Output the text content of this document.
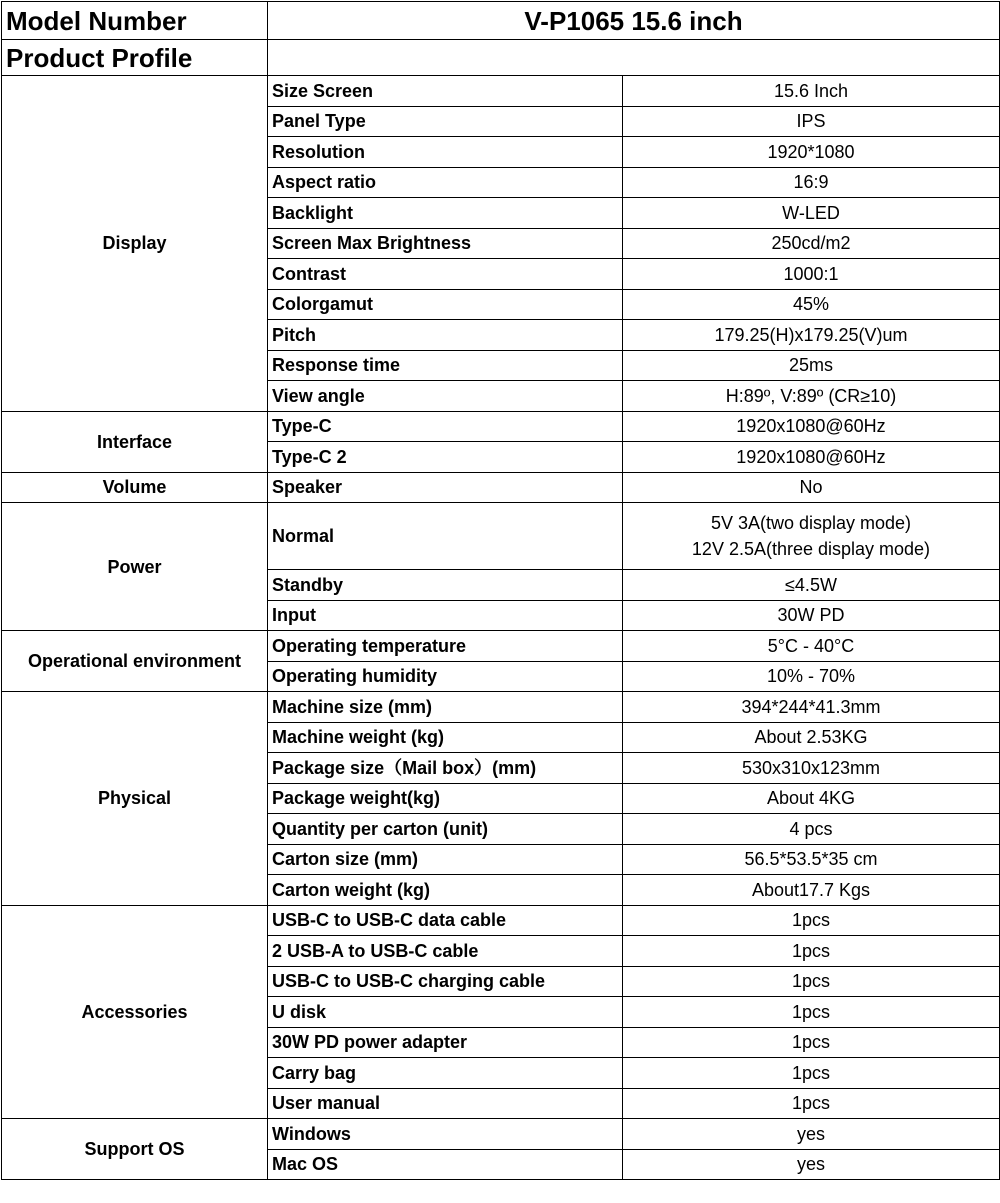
Model Number	V-P1065 15.6 inch	
Product Profile		
Display	Size Screen	15.6 Inch
	Panel Type	IPS
	Resolution	1920*1080
	Aspect ratio	16:9
	Backlight	W-LED
	Screen Max Brightness	250cd/m2
	Contrast	1000:1
	Colorgamut	45%
	Pitch	179.25(H)x179.25(V)um
	Response time	25ms
	View angle	H:89º, V:89º (CR≥10)
Interface	Type-C	1920x1080@60Hz
	Type-C 2	1920x1080@60Hz
Volume	Speaker	No
Power	Normal	5V 3A(two display mode)
12V 2.5A(three display mode)

	Standby	≤4.5W
	Input	30W PD
Operational environment	Operating temperature	5°C - 40°C
	Operating humidity	10% - 70%
Physical	Machine size (mm)	394*244*41.3mm
	Machine weight (kg)	About 2.53KG
	Package size（Mail box）(mm)	530x310x123mm
	Package weight(kg)	About 4KG
	Quantity per carton (unit)	4 pcs
	Carton size (mm)	56.5*53.5*35 cm
	Carton weight (kg)	About17.7 Kgs
Accessories	USB-C to USB-C data cable	1pcs
	2 USB-A to USB-C cable	1pcs
	USB-C to USB-C charging cable	1pcs
	U disk	1pcs
	30W PD power adapter	1pcs
	Carry bag	1pcs
	User manual	1pcs
Support OS	Windows	yes
	Mac OS	yes
